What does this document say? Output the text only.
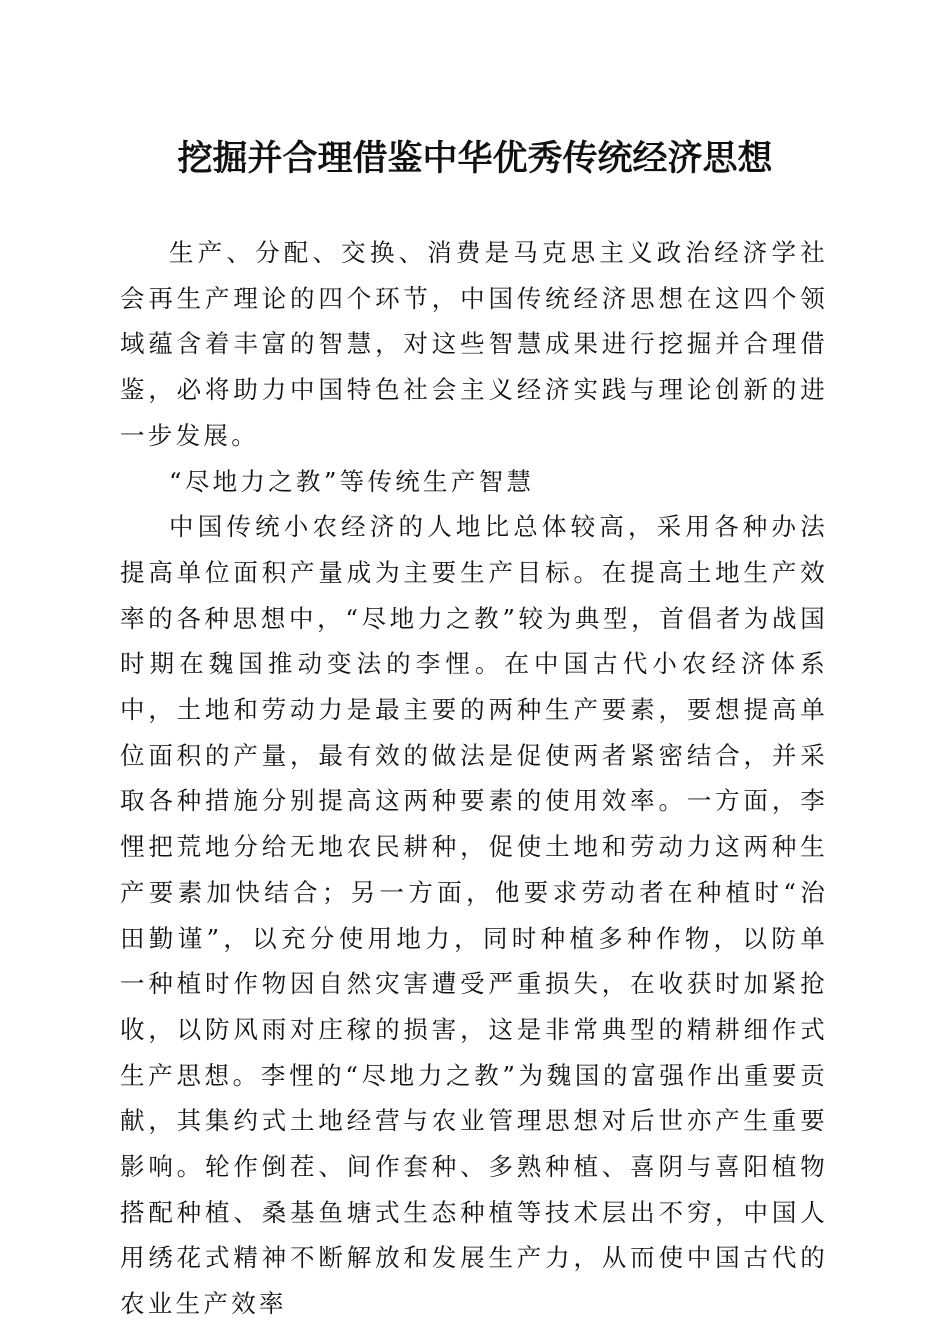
挖掘并合理借鉴中华优秀传统经济思想

生产、分配、交换、消费是马克思主义政治经济学社会再生产理论的四个环节，中国传统经济思想在这四个领域蕴含着丰富的智慧，对这些智慧成果进行挖掘并合理借鉴，必将助力中国特色社会主义经济实践与理论创新的进一步发展。

“尽地力之教”等传统生产智慧

中国传统小农经济的人地比总体较高，采用各种办法提高单位面积产量成为主要生产目标。在提高土地生产效率的各种思想中，“尽地力之教”较为典型，首倡者为战国时期在魏国推动变法的李悝。在中国古代小农经济体系中，土地和劳动力是最主要的两种生产要素，要想提高单位面积的产量，最有效的做法是促使两者紧密结合，并采取各种措施分别提高这两种要素的使用效率。一方面，李悝把荒地分给无地农民耕种，促使土地和劳动力这两种生产要素加快结合；另一方面，他要求劳动者在种植时“治田勤谨”，以充分使用地力，同时种植多种作物，以防单一种植时作物因自然灾害遭受严重损失，在收获时加紧抢收，以防风雨对庄稼的损害，这是非常典型的精耕细作式生产思想。李悝的“尽地力之教”为魏国的富强作出重要贡献，其集约式土地经营与农业管理思想对后世亦产生重要影响。轮作倒茬、间作套种、多熟种植、喜阴与喜阳植物搭配种植、桑基鱼塘式生态种植等技术层出不穷，中国人用绣花式精神不断解放和发展生产力，从而使中国古代的农业生产效率
